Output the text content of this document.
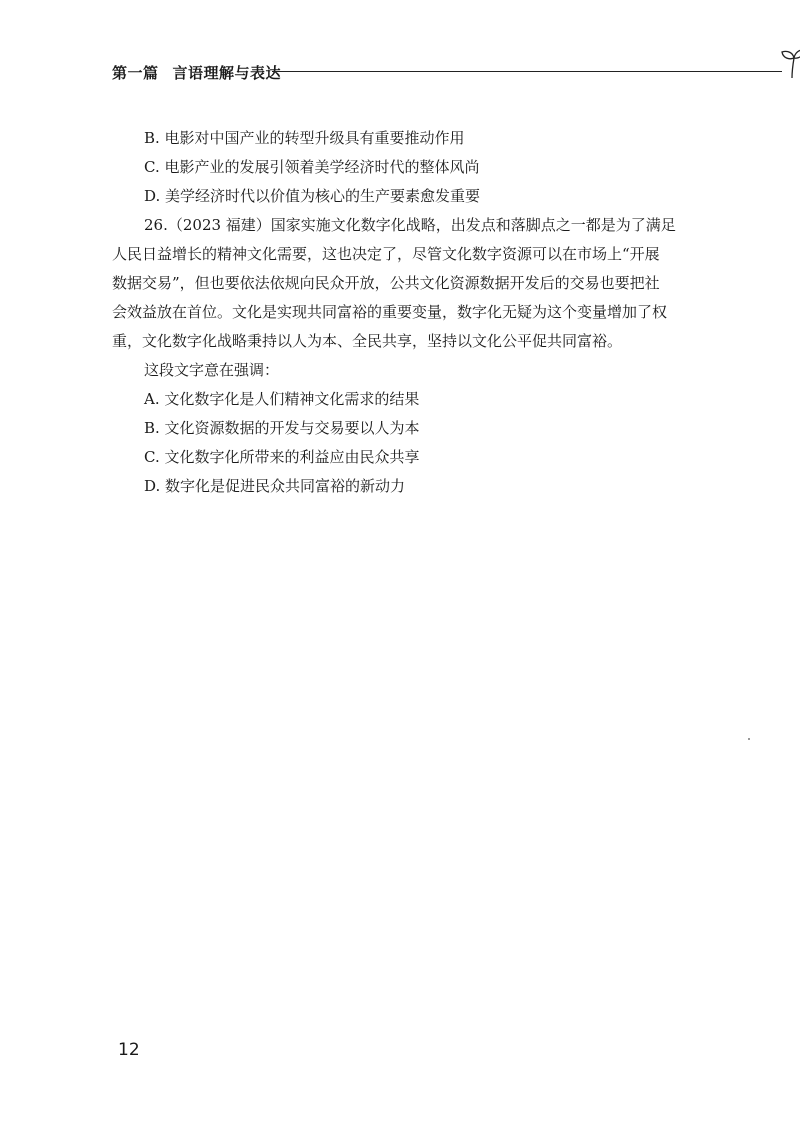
第一篇 言语理解与表达
B. 电影对中国产业的转型升级具有重要推动作用
C. 电影产业的发展引领着美学经济时代的整体风尚
D. 美学经济时代以价值为核心的生产要素愈发重要
26.（2023 福建）国家实施文化数字化战略，出发点和落脚点之一都是为了满足
人民日益增长的精神文化需要，这也决定了，尽管文化数字资源可以在市场上“开展
数据交易”，但也要依法依规向民众开放，公共文化资源数据开发后的交易也要把社
会效益放在首位。文化是实现共同富裕的重要变量，数字化无疑为这个变量增加了权
重，文化数字化战略秉持以人为本、全民共享，坚持以文化公平促共同富裕。
这段文字意在强调：
A. 文化数字化是人们精神文化需求的结果
B. 文化资源数据的开发与交易要以人为本
C. 文化数字化所带来的利益应由民众共享
D. 数字化是促进民众共同富裕的新动力
12
